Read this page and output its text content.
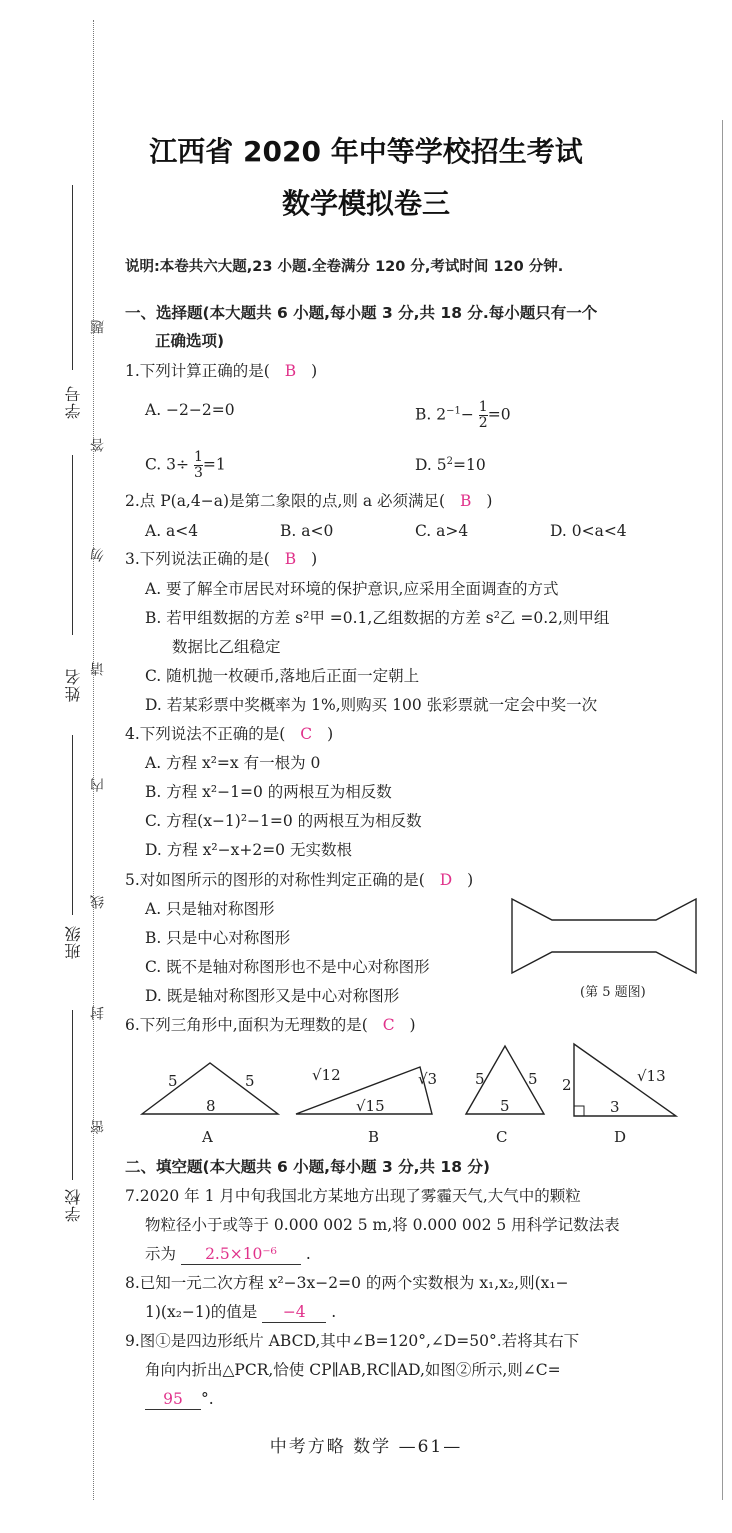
学号
姓名
班级
学校
题
答
勿
请
内
线
封
密
江西省 2020 年中等学校招生考试
数学模拟卷三
说明:本卷共六大题,23 小题.全卷满分 120 分,考试时间 120 分钟.
一、选择题(本大题共 6 小题,每小题 3 分,共 18 分.每小题只有一个
正确选项)
1.下列计算正确的是( B )
A. −2−2=0	B. $2^{-1}- \frac{1}{2} =0$
C. $3\div \frac{1}{3} =1$	D. $5^2=10$
2.点 P(a,4−a)是第二象限的点,则 a 必须满足( B )
A. a<4	B. a<0	C. a>4	D. 0<a<4
3.下列说法正确的是( B )
A. 要了解全市居民对环境的保护意识,应采用全面调查的方式
B. 若甲组数据的方差 s²甲 =0.1,乙组数据的方差 s²乙 =0.2,则甲组
数据比乙组稳定
C. 随机抛一枚硬币,落地后正面一定朝上
D. 若某彩票中奖概率为 1%,则购买 100 张彩票就一定会中奖一次
4.下列说法不正确的是( C )
A. 方程 x²=x 有一根为 0
B. 方程 x²−1=0 的两根互为相反数
C. 方程(x−1)²−1=0 的两根互为相反数
D. 方程 x²−x+2=0 无实数根
5.对如图所示的图形的对称性判定正确的是( D )
A. 只是轴对称图形
B. 只是中心对称图形
C. 既不是轴对称图形也不是中心对称图形
D. 既是轴对称图形又是中心对称图形	(第 5 题图)
6.下列三角形中,面积为无理数的是( C )
5	5
8
A
√12	√3
√15
B
5	5
5
C
2	√13
3
D
二、填空题(本大题共 6 小题,每小题 3 分,共 18 分)
7.2020 年 1 月中旬我国北方某地方出现了雾霾天气,大气中的颗粒
物粒径小于或等于 0.000 002 5 m,将 0.000 002 5 用科学记数法表
示为 2.5×10⁻⁶ .
8.已知一元二次方程 x²−3x−2=0 的两个实数根为 x₁,x₂,则(x₁−
1)(x₂−1)的值是 −4 .
9.图①是四边形纸片 ABCD,其中∠B=120°,∠D=50°.若将其右下
角向内折出△PCR,恰使 CP∥AB,RC∥AD,如图②所示,则∠C=
95 °.
中考方略 数学 —61—
